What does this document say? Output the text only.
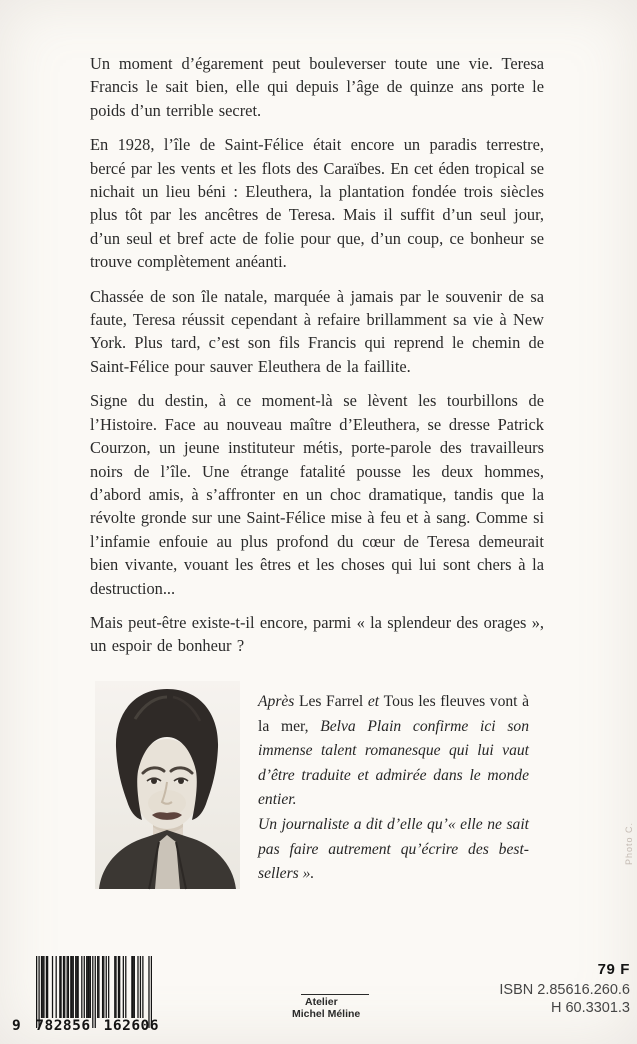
Un moment d’égarement peut bouleverser toute une vie. Teresa Francis le sait bien, elle qui depuis l’âge de quinze ans porte le poids d’un terrible secret.

En 1928, l’île de Saint-Félice était encore un paradis terrestre, bercé par les vents et les flots des Caraïbes. En cet éden tropical se nichait un lieu béni : Eleuthera, la plantation fondée trois siècles plus tôt par les ancêtres de Teresa. Mais il suffit d’un seul jour, d’un seul et bref acte de folie pour que, d’un coup, ce bonheur se trouve complètement anéanti.

Chassée de son île natale, marquée à jamais par le souvenir de sa faute, Teresa réussit cependant à refaire brillamment sa vie à New York. Plus tard, c’est son fils Francis qui reprend le chemin de Saint-Félice pour sauver Eleuthera de la faillite.

Signe du destin, à ce moment-là se lèvent les tourbillons de l’Histoire. Face au nouveau maître d’Eleuthera, se dresse Patrick Courzon, un jeune instituteur métis, porte-parole des travailleurs noirs de l’île. Une étrange fatalité pousse les deux hommes, d’abord amis, à s’affronter en un choc dramatique, tandis que la révolte gronde sur une Saint-Félice mise à feu et à sang. Comme si l’infamie enfouie au plus profond du cœur de Teresa demeurait bien vivante, vouant les êtres et les choses qui lui sont chers à la destruction...

Mais peut-être existe-t-il encore, parmi « la splendeur des orages », un espoir de bonheur ?

Après Les Farrel et Tous les fleuves vont à la mer, Belva Plain confirme ici son immense talent romanesque qui lui vaut d’être traduite et admirée dans le monde entier.

Un journaliste a dit d’elle qu’« elle ne sait pas faire autrement qu’écrire des best-sellers ».

Photo C.
9 782856 162606
Atelier
Michel Méline
79 F
ISBN 2.85616.260.6
H 60.3301.3
